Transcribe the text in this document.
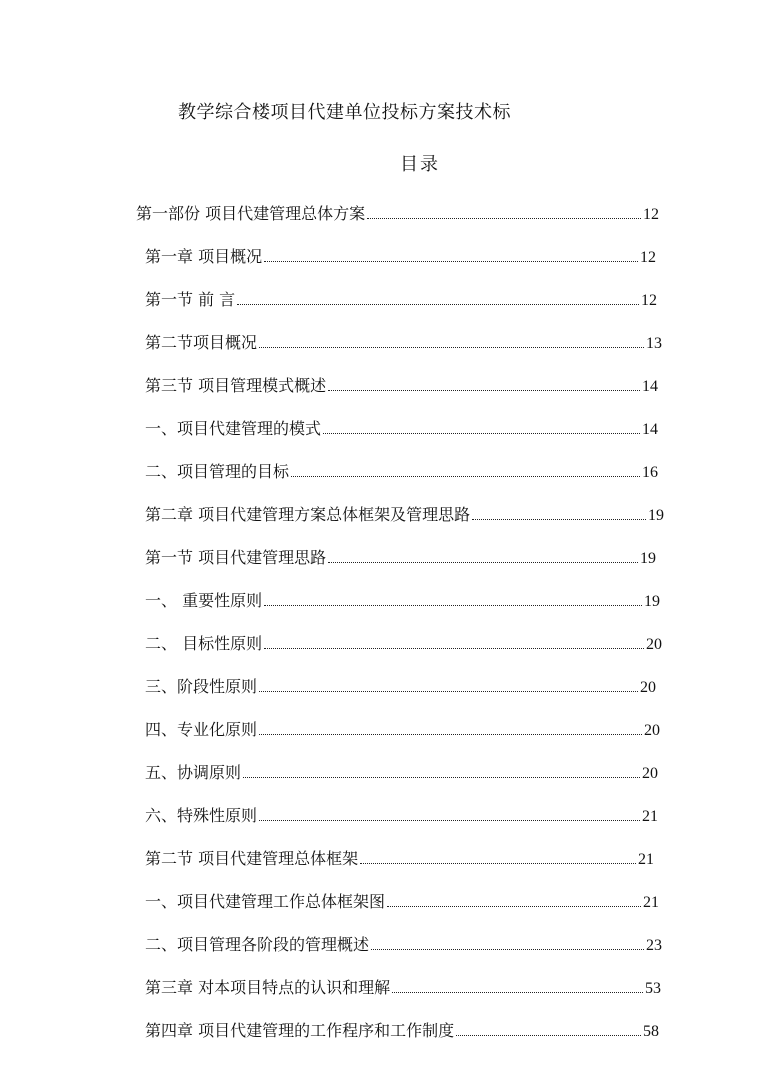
教学综合楼项目代建单位投标方案技术标
目录
第一部份 项目代建管理总体方案	12
第一章 项目概况	12
第一节 前 言	12
第二节项目概况	13
第三节 项目管理模式概述	14
一、项目代建管理的模式	14
二、项目管理的目标	16
第二章 项目代建管理方案总体框架及管理思路	19
第一节 项目代建管理思路	19
一、 重要性原则	19
二、 目标性原则	20
三、阶段性原则	20
四、专业化原则	20
五、协调原则	20
六、特殊性原则	21
第二节 项目代建管理总体框架	21
一、项目代建管理工作总体框架图	21
二、项目管理各阶段的管理概述	23
第三章 对本项目特点的认识和理解	53
第四章 项目代建管理的工作程序和工作制度	58
